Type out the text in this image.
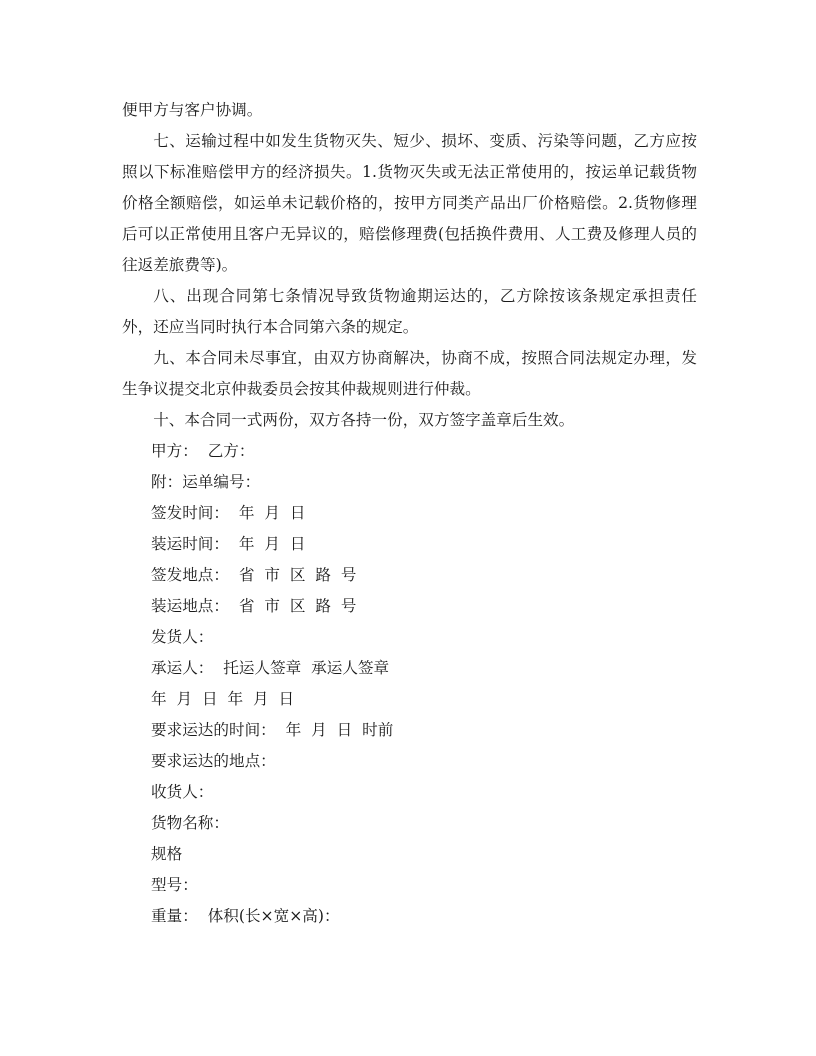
便甲方与客户协调。

七、运输过程中如发生货物灭失、短少、损坏、变质、污染等问题，乙方应按照以下标准赔偿甲方的经济损失。1.货物灭失或无法正常使用的，按运单记载货物价格全额赔偿，如运单未记载价格的，按甲方同类产品出厂价格赔偿。2.货物修理后可以正常使用且客户无异议的，赔偿修理费(包括换件费用、人工费及修理人员的往返差旅费等)。

八、出现合同第七条情况导致货物逾期运达的，乙方除按该条规定承担责任外，还应当同时执行本合同第六条的规定。

九、本合同未尽事宜，由双方协商解决，协商不成，按照合同法规定办理，发生争议提交北京仲裁委员会按其仲裁规则进行仲裁。

十、本合同一式两份，双方各持一份，双方签字盖章后生效。

甲方：  乙方：

附：运单编号：

签发时间：  年  月  日

装运时间：  年  月  日

签发地点：  省  市  区  路  号

装运地点：  省  市  区  路  号

发货人：

承运人：  托运人签章  承运人签章

年  月  日  年  月  日

要求运达的时间：  年  月  日  时前

要求运达的地点：

收货人：

货物名称：

规格

型号：

重量：  体积(长×宽×高)：
